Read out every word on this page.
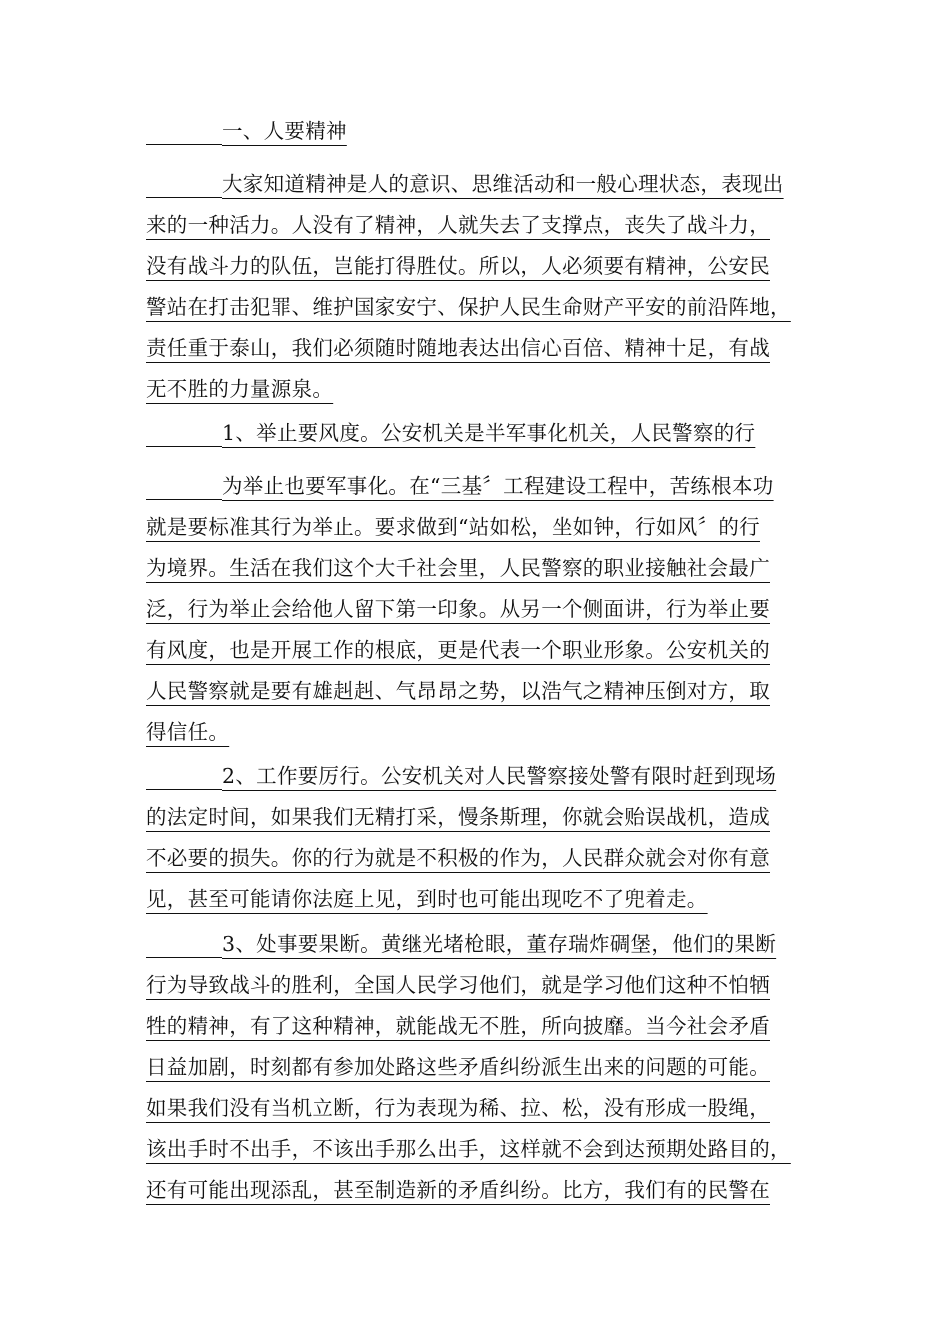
一、人要精神
大家知道精神是人的意识、思维活动和一般心理状态，表现出
来的一种活力。人没有了精神，人就失去了支撑点，丧失了战斗力，
没有战斗力的队伍，岂能打得胜仗。所以，人必须要有精神，公安民
警站在打击犯罪、维护国家安宁、保护人民生命财产平安的前沿阵地，
责任重于泰山，我们必须随时随地表达出信心百倍、精神十足，有战
无不胜的力量源泉。
1、举止要风度。公安机关是半军事化机关，人民警察的行
为举止也要军事化。在“三基〞工程建设工程中，苦练根本功
就是要标准其行为举止。要求做到“站如松，坐如钟，行如风〞的行
为境界。生活在我们这个大千社会里，人民警察的职业接触社会最广
泛，行为举止会给他人留下第一印象。从另一个侧面讲，行为举止要
有风度，也是开展工作的根底，更是代表一个职业形象。公安机关的
人民警察就是要有雄赳赳、气昂昂之势，以浩气之精神压倒对方，取
得信任。
2、工作要厉行。公安机关对人民警察接处警有限时赶到现场
的法定时间，如果我们无精打采，慢条斯理，你就会贻误战机，造成
不必要的损失。你的行为就是不积极的作为，人民群众就会对你有意
见，甚至可能请你法庭上见，到时也可能出现吃不了兜着走。
3、处事要果断。黄继光堵枪眼，董存瑞炸碉堡，他们的果断
行为导致战斗的胜利，全国人民学习他们，就是学习他们这种不怕牺
牲的精神，有了这种精神，就能战无不胜，所向披靡。当今社会矛盾
日益加剧，时刻都有参加处路这些矛盾纠纷派生出来的问题的可能。
如果我们没有当机立断，行为表现为稀、拉、松，没有形成一股绳，
该出手时不出手，不该出手那么出手，这样就不会到达预期处路目的，
还有可能出现添乱，甚至制造新的矛盾纠纷。比方，我们有的民警在
